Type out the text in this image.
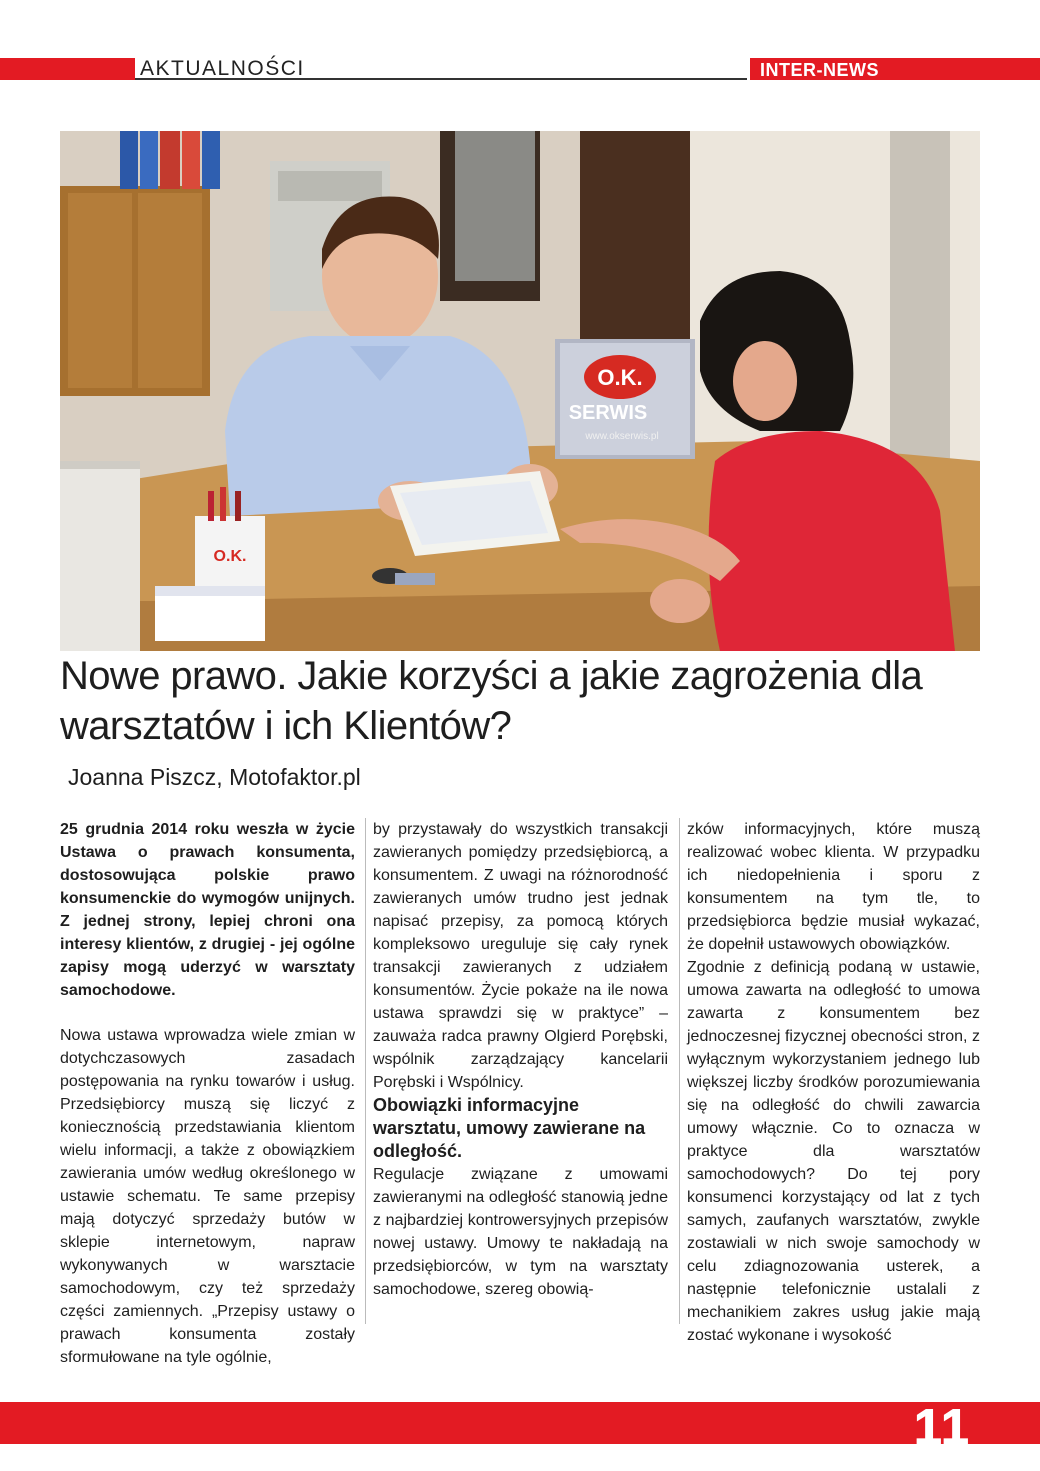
AKTUALNOŚCI	INTER-NEWS
O.K.
SERWIS
www.okserwis.pl
O.K.
Nowe prawo. Jakie korzyści a jakie zagrożenia dla warsztatów i ich Klientów?

Joanna Piszcz, Motofaktor.pl

25 grudnia 2014 roku weszła w życie Ustawa o prawach konsumenta, dostosowująca polskie prawo konsumenckie do wymogów unijnych. Z jednej strony, lepiej chroni ona interesy klientów, z drugiej - jej ogólne zapisy mogą uderzyć w warsztaty samochodowe.

Nowa ustawa wprowadza wiele zmian w dotychczasowych zasadach postępowania na rynku towarów i usług. Przedsiębiorcy muszą się liczyć z koniecznością przedstawiania klientom wielu informacji, a także z obowiązkiem zawierania umów według określonego w ustawie schematu. Te same przepisy mają dotyczyć sprzedaży butów w sklepie internetowym, napraw wykonywanych w warsztacie samochodowym, czy też sprzedaży części zamiennych. „Przepisy ustawy o prawach konsumenta zostały sformułowane na tyle ogólnie,

by przystawały do wszystkich transakcji zawieranych pomiędzy przedsiębiorcą, a konsumentem. Z uwagi na różnorodność zawieranych umów trudno jest jednak napisać przepisy, za pomocą których kompleksowo ureguluje się cały rynek transakcji zawieranych z udziałem konsumentów. Życie pokaże na ile nowa ustawa sprawdzi się w praktyce” – zauważa radca prawny Olgierd Porębski, wspólnik zarządzający kancelarii Porębski i Wspólnicy.

Obowiązki informacyjne warsztatu, umowy zawierane na odległość.

Regulacje związane z umowami zawieranymi na odległość stanowią jedne z najbardziej kontrowersyjnych przepisów nowej ustawy. Umowy te nakładają na przedsiębiorców, w tym na warsztaty samochodowe, szereg obowią-

zków informacyjnych, które muszą realizować wobec klienta. W przypadku ich niedopełnienia i sporu z konsumentem na tym tle, to przedsiębiorca będzie musiał wykazać, że dopełnił ustawowych obowiązków.

Zgodnie z definicją podaną w ustawie, umowa zawarta na odległość to umowa zawarta z konsumentem bez jednoczesnej fizycznej obecności stron, z wyłącznym wykorzystaniem jednego lub większej liczby środków porozumiewania się na odległość do chwili zawarcia umowy włącznie. Co to oznacza w praktyce dla warsztatów samochodowych? Do tej pory konsumenci korzystający od lat z tych samych, zaufanych warsztatów, zwykle zostawiali w nich swoje samochody w celu zdiagnozowania usterek, a następnie telefonicznie ustalali z mechanikiem zakres usług jakie mają zostać wykonane i wysokość

11
